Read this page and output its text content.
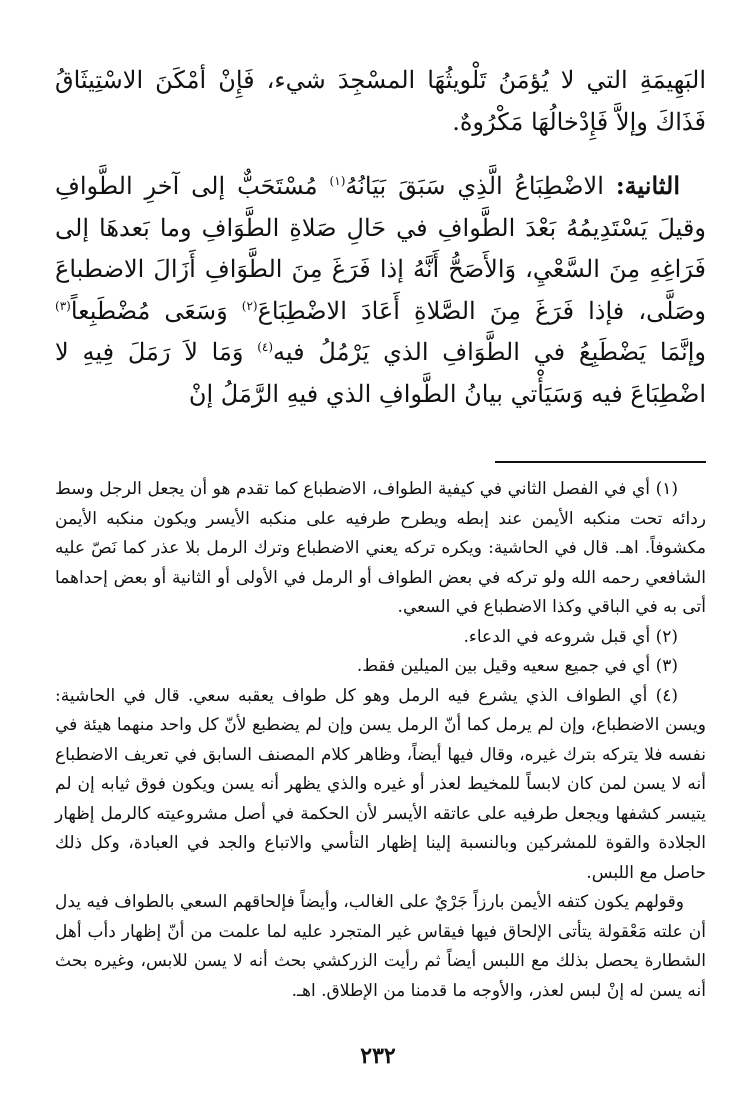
البَهِيمَةِ التي لا يُؤمَنُ تَلْويثُهَا المسْجِدَ شيء، فَإِنْ أمْكَنَ الاسْتِيثَاقُ فَذَاكَ وإلاَّ فَإِدْخالُهَا مَكْرُوهٌ.

الثانية: الاضْطِبَاعُ الَّذِي سَبَقَ بَيَانُهُ$^{(١)}$ مُسْتَحَبٌّ إلى آخرِ الطَّوافِ وقيلَ يَسْتَدِيمُهُ بَعْدَ الطَّوافِ في حَالِ صَلاةِ الطَّوَافِ وما بَعدهَا إلى فَرَاغِهِ مِنَ السَّعْيِ، وَالأَصَحُّ أَنَّهُ إذا فَرَغَ مِنَ الطَّوَافِ أَزَالَ الاضطباعَ وصَلَّى، فإذا فَرَغَ مِنَ الصَّلاةِ أَعَادَ الاضْطِبَاعَ$^{(٢)}$ وَسَعَى مُضْطَبِعاً$^{(٣)}$ وإنَّمَا يَضْطَبِعُ في الطَّوَافِ الذي يَرْمُلُ فيه$^{(٤)}$ وَمَا لاَ رَمَلَ فِيهِ لا اضْطِبَاعَ فيه وَسَيَأْتي بيانُ الطَّوافِ الذي فيهِ الرَّمَلُ إنْ

(١) أي في الفصل الثاني في كيفية الطواف، الاضطباع كما تقدم هو أن يجعل الرجل وسط ردائه تحت منكبه الأيمن عند إبطه ويطرح طرفيه على منكبه الأيسر ويكون منكبه الأيمن مكشوفاً. اهـ. قال في الحاشية: ويكره تركه يعني الاضطباع وترك الرمل بلا عذر كما نَصّ عليه الشافعي رحمه الله ولو تركه في بعض الطواف أو الرمل في الأولى أو الثانية أو بعض إحداهما أتى به في الباقي وكذا الاضطباع في السعي.

(٢) أي قبل شروعه في الدعاء.

(٣) أي في جميع سعيه وقيل بين الميلين فقط.

(٤) أي الطواف الذي يشرع فيه الرمل وهو كل طواف يعقبه سعي. قال في الحاشية: ويسن الاضطباع، وإن لم يرمل كما أنّ الرمل يسن وإن لم يضطبع لأنّ كل واحد منهما هيئة في نفسه فلا يتركه بترك غيره، وقال فيها أيضاً، وظاهر كلام المصنف السابق في تعريف الاضطباع أنه لا يسن لمن كان لابساً للمخيط لعذر أو غيره والذي يظهر أنه يسن ويكون فوق ثيابه إن لم يتيسر كشفها ويجعل طرفيه على عاتقه الأيسر لأن الحكمة في أصل مشروعيته كالرمل إظهار الجلادة والقوة للمشركين وبالنسبة إلينا إظهار التأسي والاتباع والجد في العبادة، وكل ذلك حاصل مع اللبس.

وقولهم يكون كتفه الأيمن بارزاً جَرْيٌ على الغالب، وأيضاً فإلحاقهم السعي بالطواف فيه يدل أن علته مَعْقولة يتأتى الإلحاق فيها فيقاس غير المتجرد عليه لما علمت من أنّ إظهار دأب أهل الشطارة يحصل بذلك مع اللبس أيضاً ثم رأيت الزركشي بحث أنه لا يسن للابس، وغيره بحث أنه يسن له إنْ لبس لعذر، والأوجه ما قدمنا من الإطلاق. اهـ.

٢٣٢
